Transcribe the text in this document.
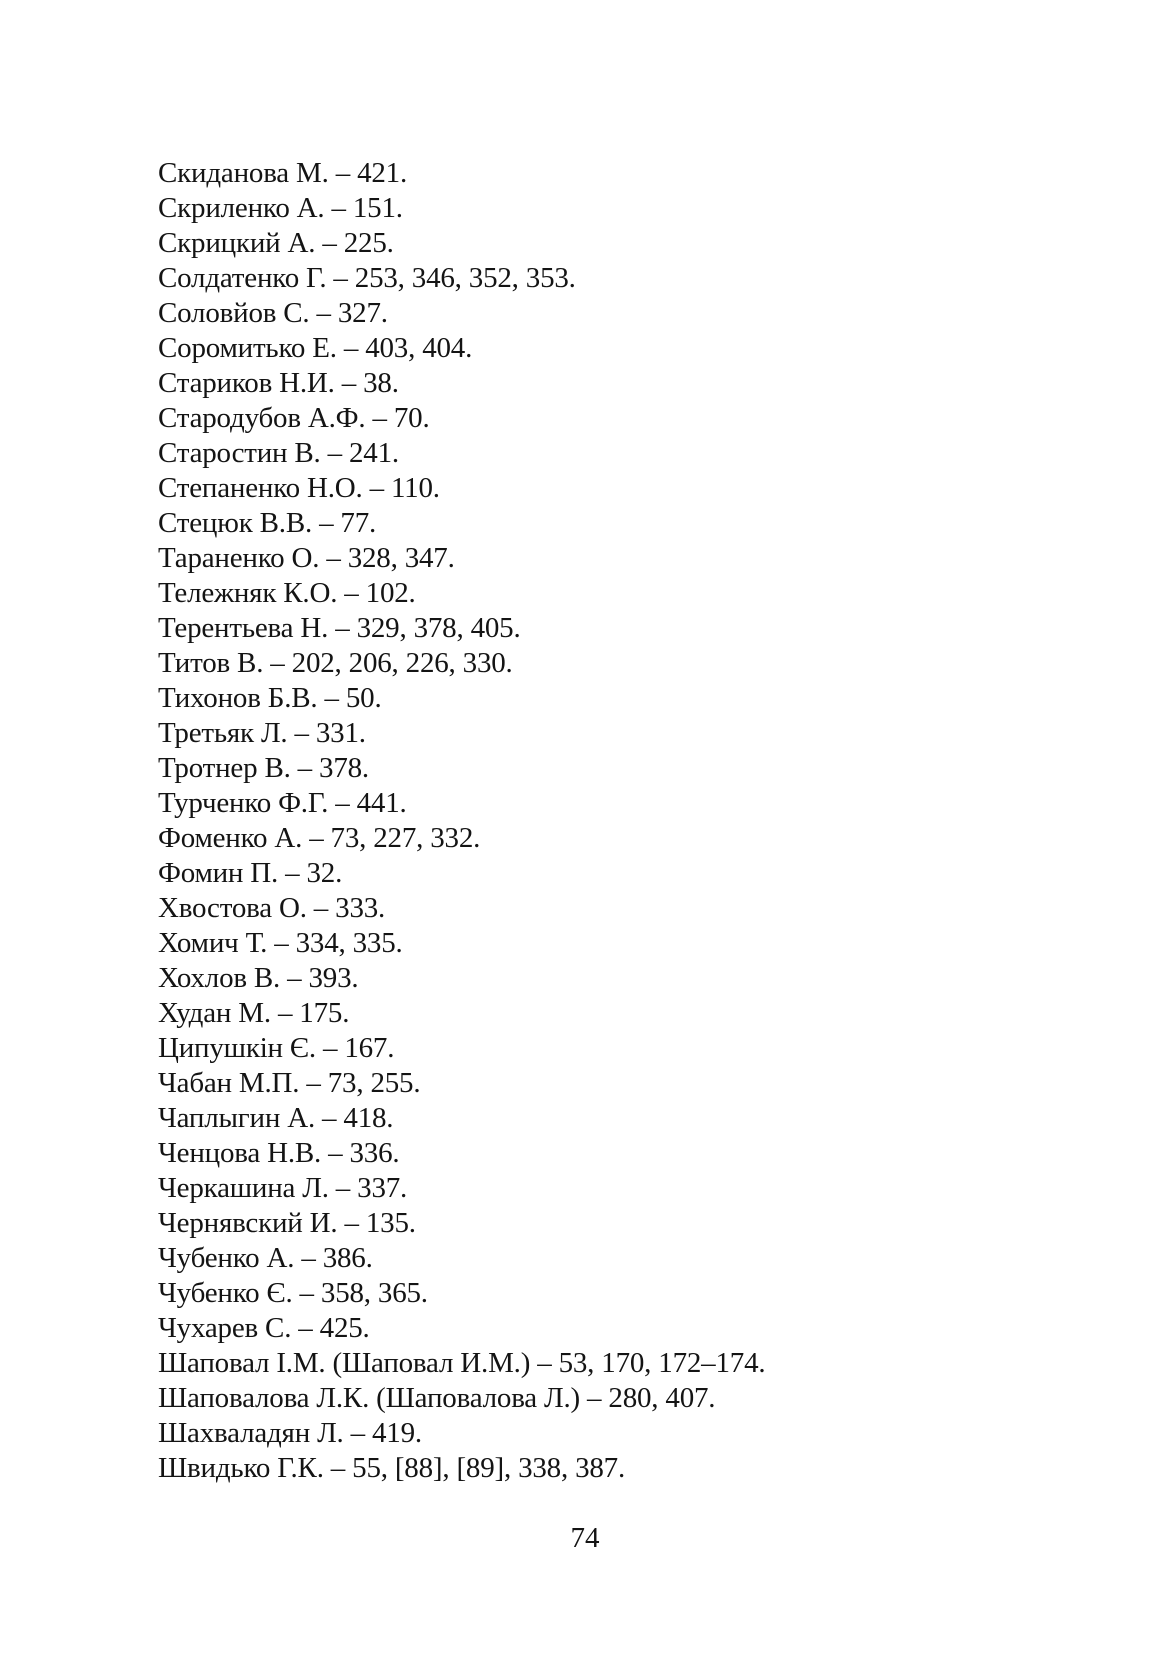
Скиданова М. – 421.
Скриленко А. – 151.
Скрицкий А. – 225.
Солдатенко Г. – 253, 346, 352, 353.
Соловйов С. – 327.
Соромитько Е. – 403, 404.
Стариков Н.И. – 38.
Стародубов А.Ф. – 70.
Старостин В. – 241.
Степаненко Н.О. – 110.
Стецюк В.В. – 77.
Тараненко О. – 328, 347.
Тележняк К.О. – 102.
Терентьева Н. – 329, 378, 405.
Титов В. – 202, 206, 226, 330.
Тихонов Б.В. – 50.
Третьяк Л. – 331.
Тротнер В. – 378.
Турченко Ф.Г. – 441.
Фоменко А. – 73, 227, 332.
Фомин П. – 32.
Хвостова О. – 333.
Хомич Т. – 334, 335.
Хохлов В. – 393.
Худан М. – 175.
Ципушкін Є. – 167.
Чабан М.П. – 73, 255.
Чаплыгин А. – 418.
Ченцова Н.В. – 336.
Черкашина Л. – 337.
Чернявский И. – 135.
Чубенко А. – 386.
Чубенко Є. – 358, 365.
Чухарев С. – 425.
Шаповал І.М. (Шаповал И.М.) – 53, 170, 172–174.
Шаповалова Л.К. (Шаповалова Л.) – 280, 407.
Шахваладян Л. – 419.
Швидько Г.К. – 55, [88], [89], 338, 387.
74
